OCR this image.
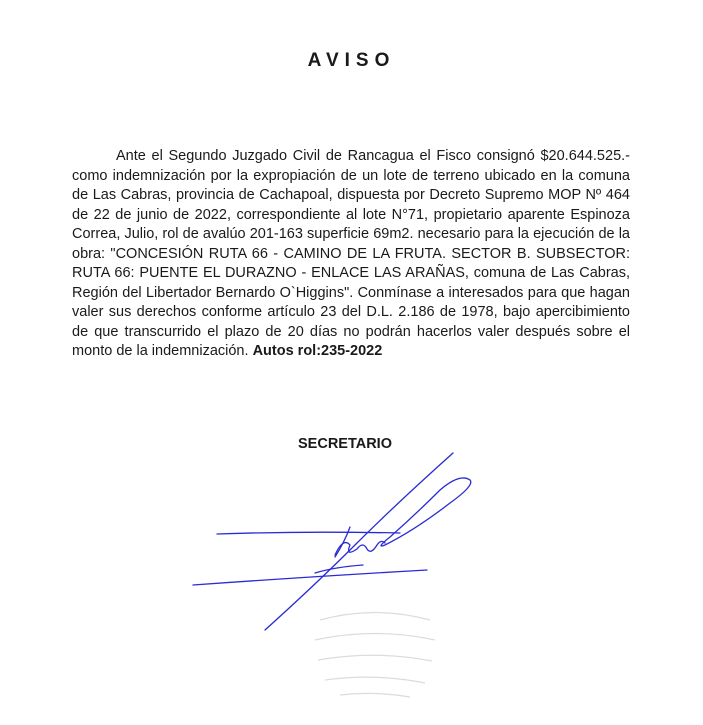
AVISO

Ante el Segundo Juzgado Civil de Rancagua el Fisco consignó $20.644.525.- como indemnización por la expropiación de un lote de terreno ubicado en la comuna de Las Cabras, provincia de Cachapoal, dispuesta por Decreto Supremo MOP Nº 464 de 22 de junio de 2022, correspondiente al lote N°71, propietario aparente Espinoza Correa, Julio, rol de avalúo 201-163 superficie 69m2. necesario para la ejecución de la obra: "CONCESIÓN RUTA 66 - CAMINO DE LA FRUTA. SECTOR B. SUBSECTOR: RUTA 66: PUENTE EL DURAZNO - ENLACE LAS ARAÑAS, comuna de Las Cabras, Región del Libertador Bernardo O`Higgins". Conmínase a interesados para que hagan valer sus derechos conforme artículo 23 del D.L. 2.186 de 1978, bajo apercibimiento de que transcurrido el plazo de 20 días no podrán hacerlos valer después sobre el monto de la indemnización. Autos rol:235-2022

SECRETARIO
